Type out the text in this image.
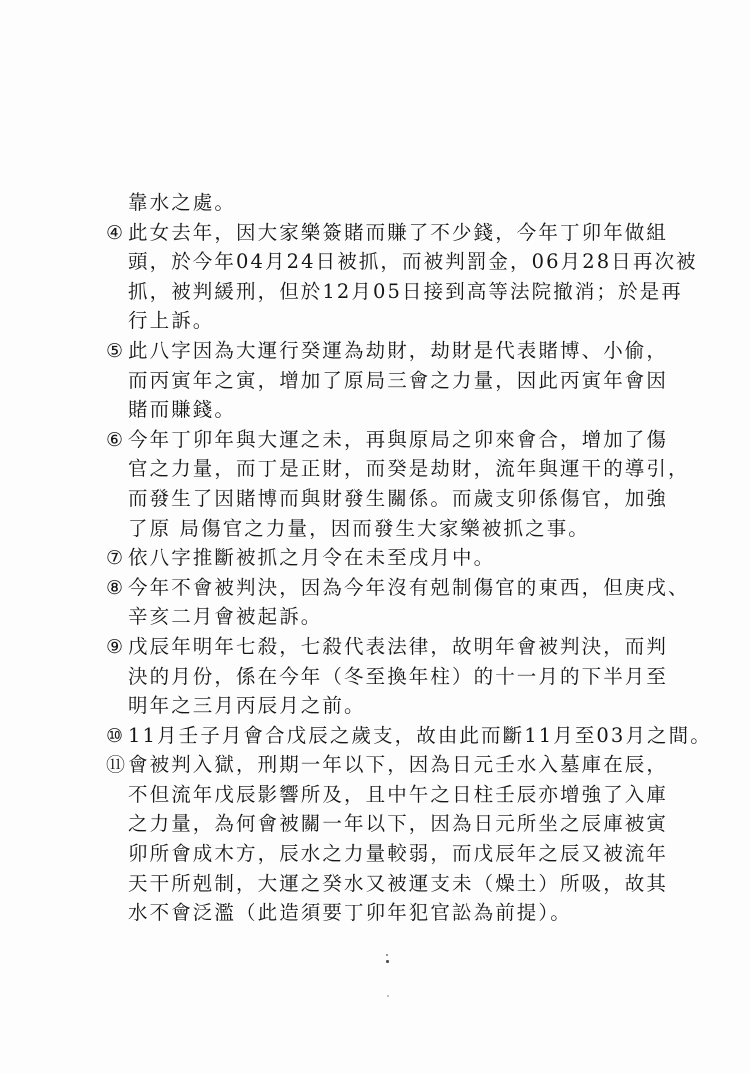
靠水之處。
④ 此女去年，因大家樂簽賭而賺了不少錢，今年丁卯年做組
頭，於今年04月24日被抓，而被判罰金，06月28日再次被
抓，被判緩刑，但於12月05日接到高等法院撤消；於是再
行上訴。
⑤ 此八字因為大運行癸運為劫財，劫財是代表賭博、小偷，
而丙寅年之寅，增加了原局三會之力量，因此丙寅年會因
賭而賺錢。
⑥ 今年丁卯年與大運之未，再與原局之卯來會合，增加了傷
官之力量，而丁是正財，而癸是劫財，流年與運干的導引，
而發生了因賭博而與財發生關係。而歲支卯係傷官，加強
了原 局傷官之力量，因而發生大家樂被抓之事。
⑦ 依八字推斷被抓之月令在未至戌月中。
⑧ 今年不會被判決，因為今年沒有剋制傷官的東西，但庚戌、
辛亥二月會被起訴。
⑨ 戊辰年明年七殺，七殺代表法律，故明年會被判決，而判
決的月份，係在今年（冬至換年柱）的十一月的下半月至
明年之三月丙辰月之前。
⑩ 11月壬子月會合戊辰之歲支，故由此而斷11月至03月之間。
⑪ 會被判入獄，刑期一年以下，因為日元壬水入墓庫在辰，
不但流年戊辰影響所及，且中午之日柱壬辰亦增強了入庫
之力量，為何會被關一年以下，因為日元所坐之辰庫被寅
卯所會成木方，辰水之力量較弱，而戊辰年之辰又被流年
天干所剋制，大運之癸水又被運支未（燥土）所吸，故其
水不會泛濫（此造須要丁卯年犯官訟為前提）。
